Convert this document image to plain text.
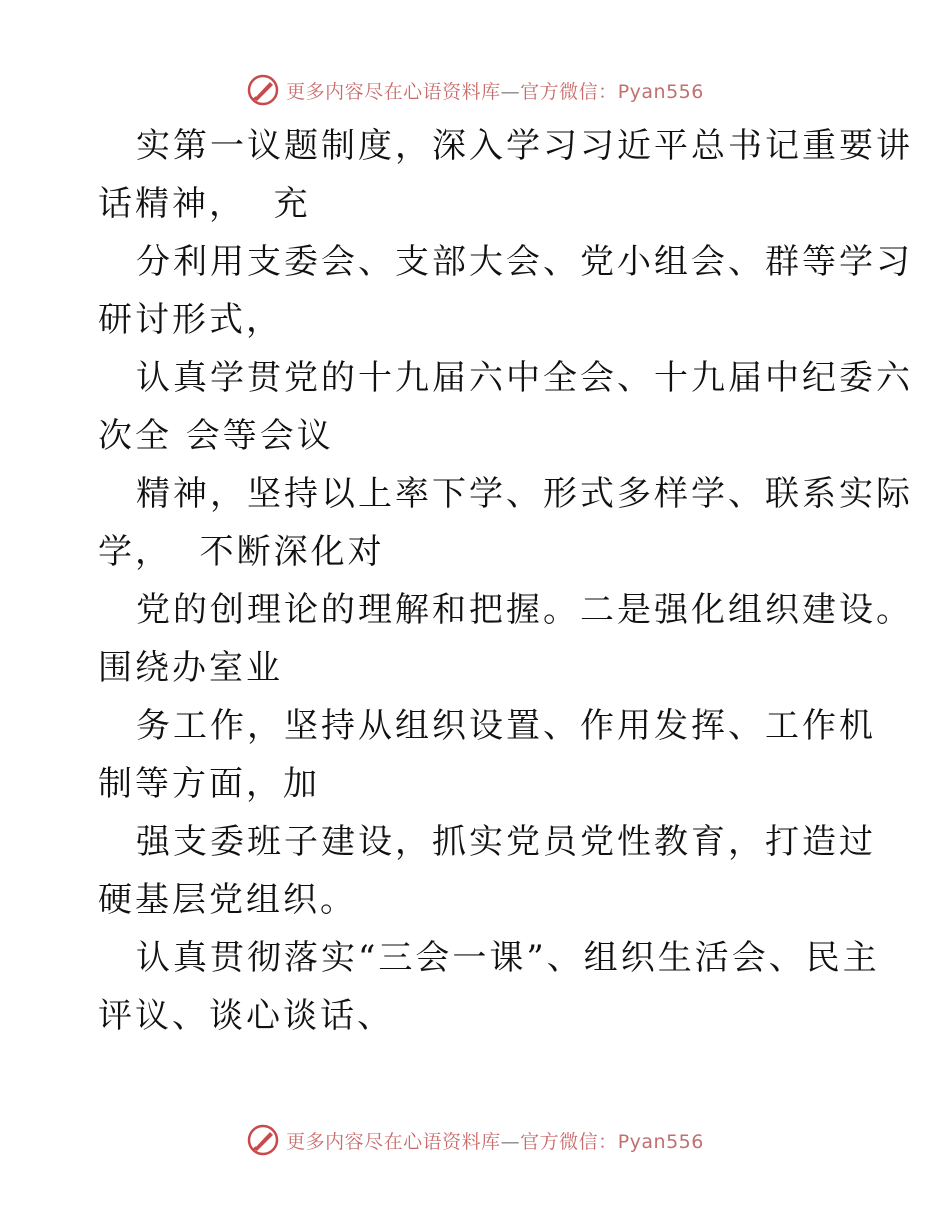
更多内容尽在心语资料库—官方微信：Pyan556
实第一议题制度，深入学习习近平总书记重要讲
话精神，  充
分利用支委会、支部大会、党小组会、群等学习
研讨形式，
认真学贯党的十九届六中全会、十九届中纪委六
次全 会等会议
精神，坚持以上率下学、形式多样学、联系实际
学，  不断深化对
党的创理论的理解和把握。二是强化组织建设。
围绕办室业
务工作，坚持从组织设置、作用发挥、工作机
制等方面，加
强支委班子建设，抓实党员党性教育，打造过
硬基层党组织。
认真贯彻落实“三会一课”、组织生活会、民主
评议、谈心谈话、
更多内容尽在心语资料库—官方微信：Pyan556
